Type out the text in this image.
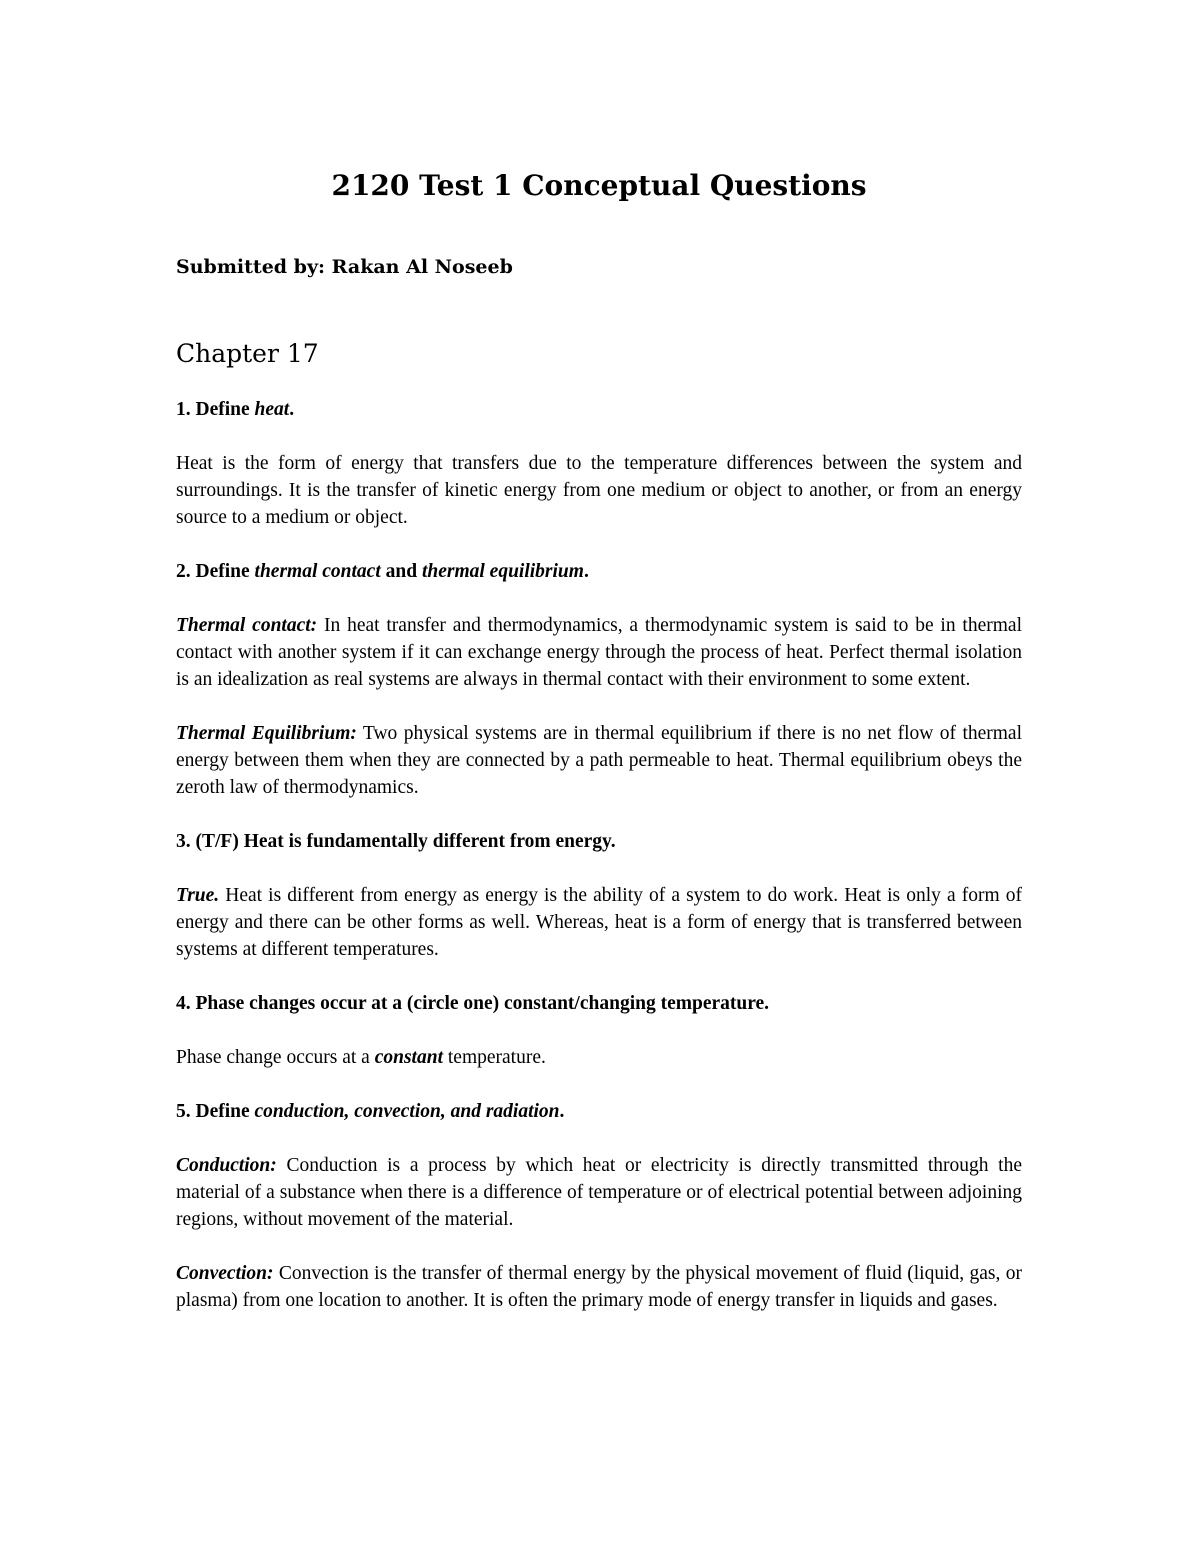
2120 Test 1 Conceptual Questions

Submitted by: Rakan Al Noseeb

Chapter 17

1. Define heat.

Heat is the form of energy that transfers due to the temperature differences between the system and surroundings. It is the transfer of kinetic energy from one medium or object to another, or from an energy source to a medium or object.

2. Define thermal contact and thermal equilibrium.

Thermal contact: In heat transfer and thermodynamics, a thermodynamic system is said to be in thermal contact with another system if it can exchange energy through the process of heat. Perfect thermal isolation is an idealization as real systems are always in thermal contact with their environment to some extent.

Thermal Equilibrium: Two physical systems are in thermal equilibrium if there is no net flow of thermal energy between them when they are connected by a path permeable to heat. Thermal equilibrium obeys the zeroth law of thermodynamics.

3. (T/F) Heat is fundamentally different from energy.

True. Heat is different from energy as energy is the ability of a system to do work. Heat is only a form of energy and there can be other forms as well. Whereas, heat is a form of energy that is transferred between systems at different temperatures.

4. Phase changes occur at a (circle one) constant/changing temperature.

Phase change occurs at a constant temperature.

5. Define conduction, convection, and radiation.

Conduction: Conduction is a process by which heat or electricity is directly transmitted through the material of a substance when there is a difference of temperature or of electrical potential between adjoining regions, without movement of the material.

Convection: Convection is the transfer of thermal energy by the physical movement of fluid (liquid, gas, or plasma) from one location to another. It is often the primary mode of energy transfer in liquids and gases.
